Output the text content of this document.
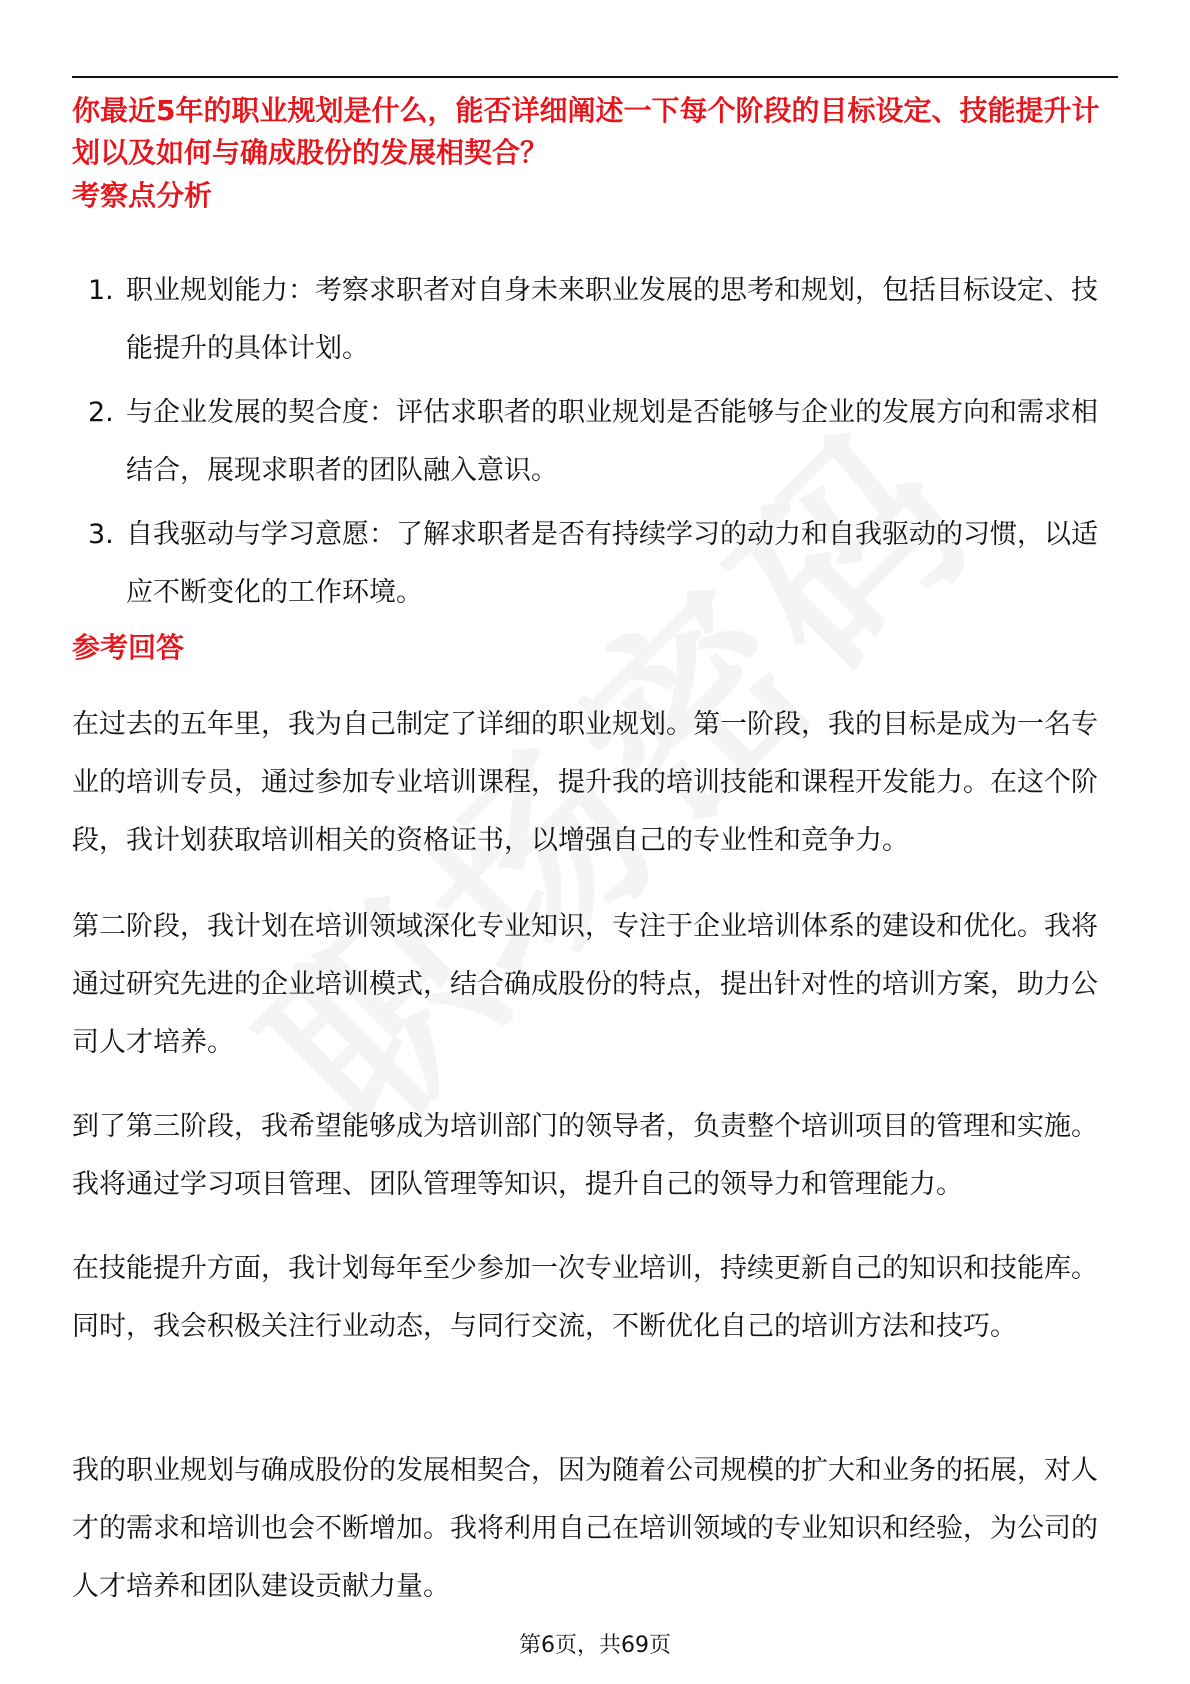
你最近5年的职业规划是什么，能否详细阐述一下每个阶段的目标设定、技能提升计划以及如何与确成股份的发展相契合？
考察点分析
1. 职业规划能力：考察求职者对自身未来职业发展的思考和规划，包括目标设定、技能提升的具体计划。
2. 与企业发展的契合度：评估求职者的职业规划是否能够与企业的发展方向和需求相结合，展现求职者的团队融入意识。
3. 自我驱动与学习意愿：了解求职者是否有持续学习的动力和自我驱动的习惯，以适应不断变化的工作环境。
参考回答

在过去的五年里，我为自己制定了详细的职业规划。第一阶段，我的目标是成为一名专业的培训专员，通过参加专业培训课程，提升我的培训技能和课程开发能力。在这个阶段，我计划获取培训相关的资格证书，以增强自己的专业性和竞争力。

第二阶段，我计划在培训领域深化专业知识，专注于企业培训体系的建设和优化。我将通过研究先进的企业培训模式，结合确成股份的特点，提出针对性的培训方案，助力公司人才培养。

到了第三阶段，我希望能够成为培训部门的领导者，负责整个培训项目的管理和实施。我将通过学习项目管理、团队管理等知识，提升自己的领导力和管理能力。

在技能提升方面，我计划每年至少参加一次专业培训，持续更新自己的知识和技能库。同时，我会积极关注行业动态，与同行交流，不断优化自己的培训方法和技巧。

我的职业规划与确成股份的发展相契合，因为随着公司规模的扩大和业务的拓展，对人才的需求和培训也会不断增加。我将利用自己在培训领域的专业知识和经验，为公司的人才培养和团队建设贡献力量。

第6页，共69页
